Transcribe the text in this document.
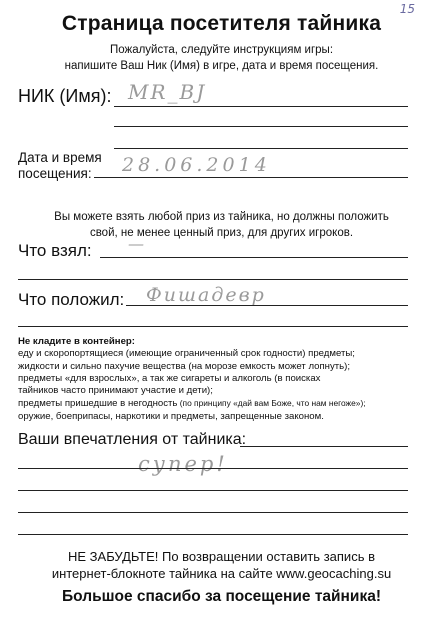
15
Страница посетителя тайника
Пожалуйста, следуйте инструкциям игры:
напишите Ваш Ник (Имя) в игре, дата и время посещения.
НИК (Имя): MR_BJ
Дата и время
посещения: 28.06.2014
Вы можете взять любой приз из тайника, но должны положить
свой, не менее ценный приз, для других игроков.
Что взял: —
Что положил: Фишадевр
Не кладите в контейнер:
еду и скоропортящиеся (имеющие ограниченный срок годности) предметы;
жидкости и сильно пахучие вещества (на морозе емкость может лопнуть);
предметы «для взрослых», а так же сигареты и алкоголь (в поисках
тайников часто принимают участие и дети);
предметы пришедшие в негодность (по принципу «дай вам Боже, что нам негоже»);
оружие, боеприпасы, наркотики и предметы, запрещенные законом.
Ваши впечатления от тайника:
супер!
НЕ ЗАБУДЬТЕ! По возвращении оставить запись в
интернет-блокноте тайника на сайте www.geocaching.su
Большое спасибо за посещение тайника!
